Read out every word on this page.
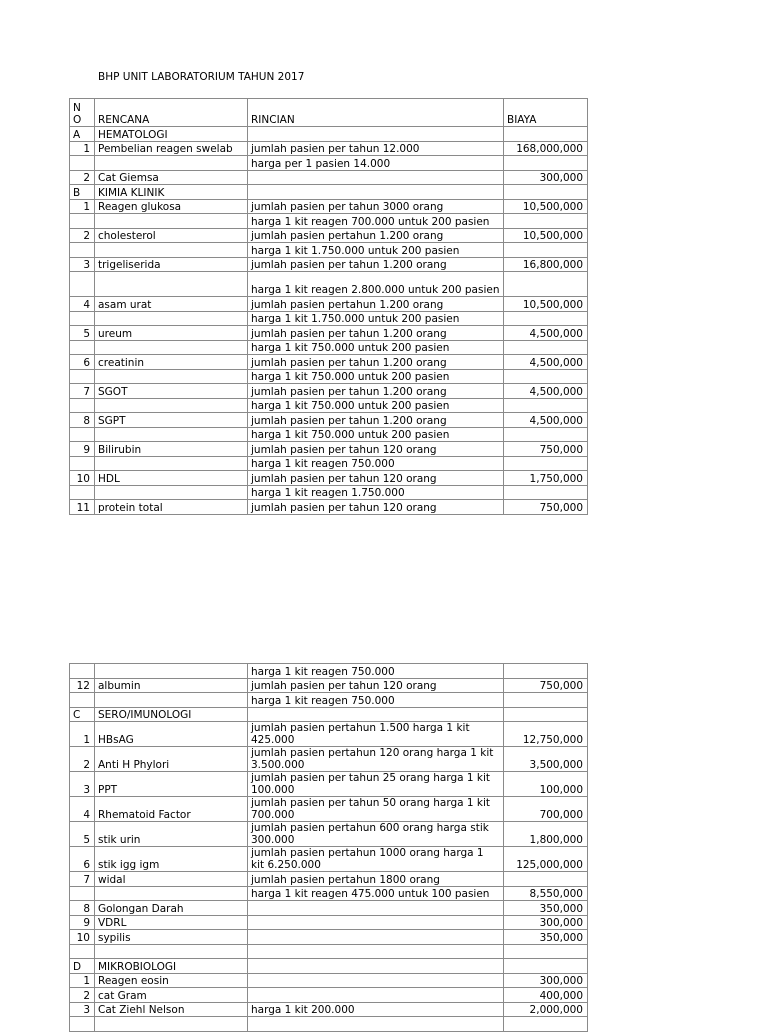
BHP UNIT LABORATORIUM TAHUN 2017
N O	RENCANA	RINCIAN	BIAYA
A	HEMATOLOGI		
1	Pembelian reagen swelab	jumlah pasien per tahun 12.000	168,000,000
		harga per 1 pasien 14.000	
2	Cat Giemsa		300,000
B	KIMIA KLINIK		
1	Reagen glukosa	jumlah pasien per tahun 3000 orang	10,500,000
		harga 1 kit reagen 700.000 untuk 200 pasien	
2	cholesterol	jumlah pasien pertahun 1.200 orang	10,500,000
		harga 1 kit 1.750.000 untuk 200 pasien	
3	trigeliserida	jumlah pasien per tahun 1.200 orang	16,800,000
		harga 1 kit reagen 2.800.000 untuk 200 pasien	
4	asam urat	jumlah pasien pertahun 1.200 orang	10,500,000
		harga 1 kit 1.750.000 untuk 200 pasien	
5	ureum	jumlah pasien per tahun 1.200 orang	4,500,000
		harga 1 kit 750.000 untuk 200 pasien	
6	creatinin	jumlah pasien per tahun 1.200 orang	4,500,000
		harga 1 kit 750.000 untuk 200 pasien	
7	SGOT	jumlah pasien per tahun 1.200 orang	4,500,000
		harga 1 kit 750.000 untuk 200 pasien	
8	SGPT	jumlah pasien per tahun 1.200 orang	4,500,000
		harga 1 kit 750.000 untuk 200 pasien	
9	Bilirubin	jumlah pasien per tahun 120 orang	750,000
		harga 1 kit reagen 750.000	
10	HDL	jumlah pasien per tahun 120 orang	1,750,000
		harga 1 kit reagen 1.750.000	
11	protein total	jumlah pasien per tahun 120 orang	750,000
		harga 1 kit reagen 750.000	
12	albumin	jumlah pasien per tahun 120 orang	750,000
		harga 1 kit reagen 750.000	
C	SERO/IMUNOLOGI		
1	HBsAG	jumlah pasien pertahun 1.500 harga 1 kit 425.000	12,750,000
2	Anti H Phylori	jumlah pasien pertahun 120 orang harga 1 kit 3.500.000	3,500,000
3	PPT	jumlah pasien per tahun 25 orang harga 1 kit 100.000	100,000
4	Rhematoid Factor	jumlah pasien per tahun 50 orang harga 1 kit 700.000	700,000
5	stik urin	jumlah pasien pertahun 600 orang harga stik 300.000	1,800,000
6	stik igg igm	jumlah pasien pertahun 1000 orang harga 1 kit 6.250.000	125,000,000
7	widal	jumlah pasien pertahun 1800 orang	
		harga 1 kit reagen 475.000 untuk 100 pasien	8,550,000
8	Golongan Darah		350,000
9	VDRL		300,000
10	sypilis		350,000

D	MIKROBIOLOGI		
1	Reagen eosin		300,000
2	cat Gram		400,000
3	Cat Ziehl Nelson	harga 1 kit 200.000	2,000,000
